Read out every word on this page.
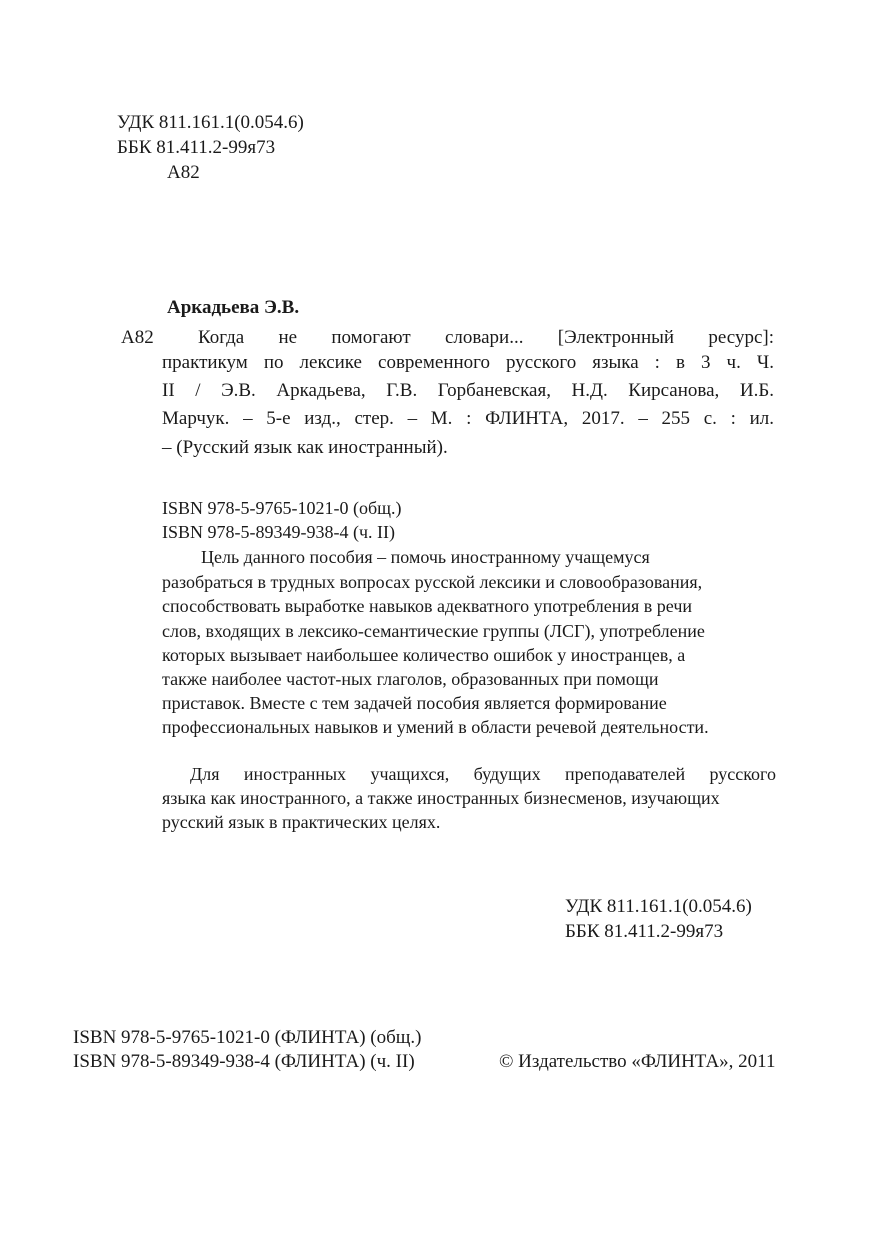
УДК 811.161.1(0.054.6)
ББК 81.411.2-99я73
А82
Аркадьева Э.В.
А82 Когда не помогают словари... [Электронный ресурс]:
практикум по лексике современного русского языка : в 3 ч. Ч.
II / Э.В. Аркадьева, Г.В. Горбаневская, Н.Д. Кирсанова, И.Б.
Марчук. – 5-е изд., стер. – М. : ФЛИНТА, 2017. – 255 с. : ил.
– (Русский язык как иностранный).
ISBN 978-5-9765-1021-0 (общ.)
ISBN 978-5-89349-938-4 (ч. II)
Цель данного пособия – помочь иностранному учащемуся
разобраться в трудных вопросах русской лексики и словообразования,
способствовать выработке навыков адекватного употребления в речи
слов, входящих в лексико-семантические группы (ЛСГ), употребление
которых вызывает наибольшее количество ошибок у иностранцев, а
также наиболее частот-ных глаголов, образованных при помощи
приставок. Вместе с тем задачей пособия является формирование
профессиональных навыков и умений в области речевой деятельности.
Для иностранных учащихся, будущих преподавателей русского
языка как иностранного, а также иностранных бизнесменов, изучающих
русский язык в практических целях.
УДК 811.161.1(0.054.6)
ББК 81.411.2-99я73
ISBN 978-5-9765-1021-0 (ФЛИНТА) (общ.)
ISBN 978-5-89349-938-4 (ФЛИНТА) (ч. II)	© Издательство «ФЛИНТА», 2011
